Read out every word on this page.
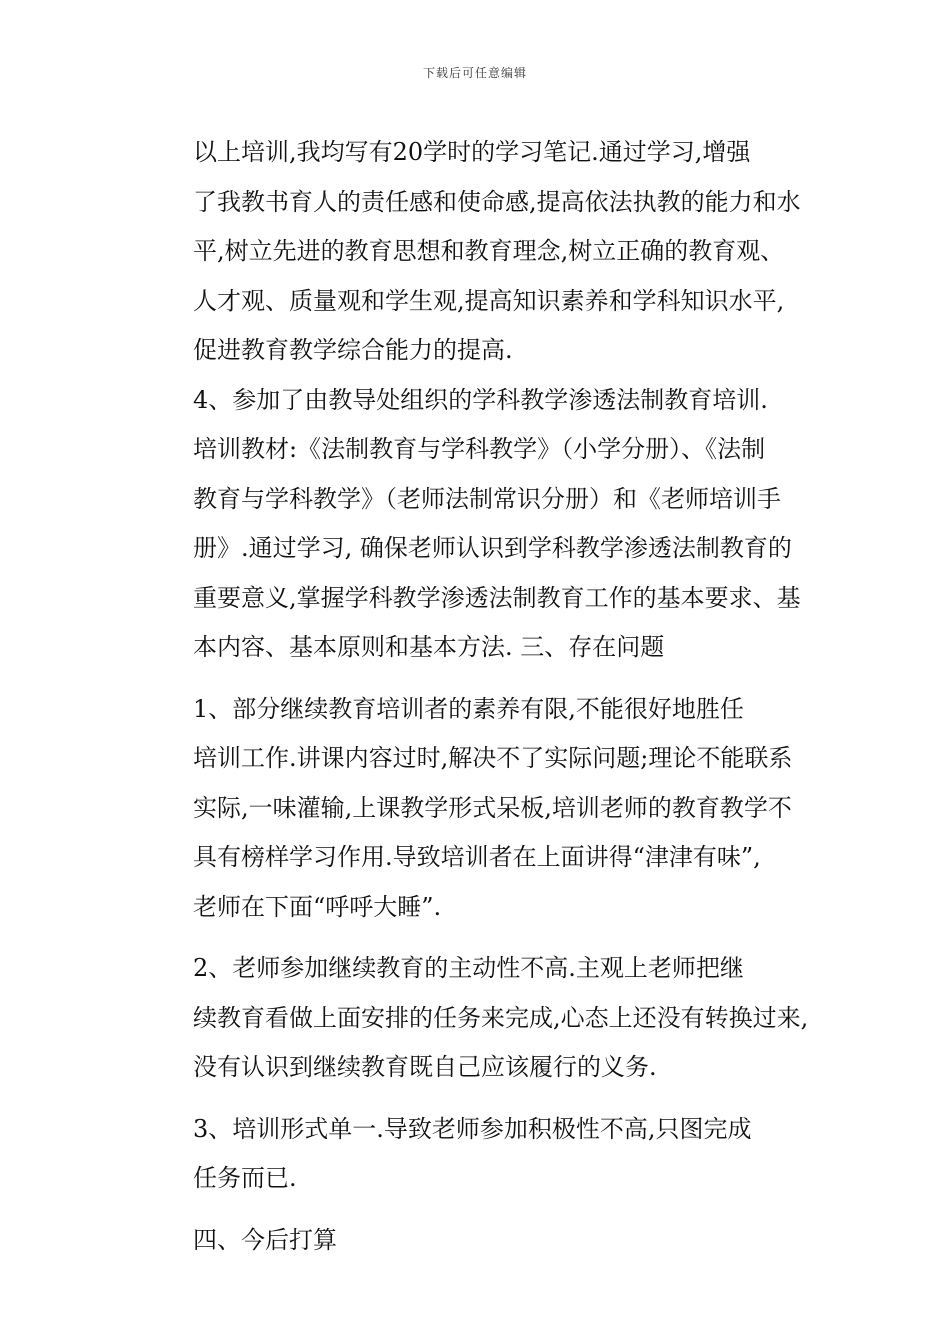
下载后可任意编辑

以上培训,我均写有20学时的学习笔记.通过学习,增强
了我教书育人的责任感和使命感,提高依法执教的能力和水
平,树立先进的教育思想和教育理念,树立正确的教育观、
人才观、质量观和学生观,提高知识素养和学科知识水平,
促进教育教学综合能力的提高.

4、参加了由教导处组织的学科教学渗透法制教育培训.
培训教材:《法制教育与学科教学》（小学分册）、《法制
教育与学科教学》（老师法制常识分册）和《老师培训手
册》.通过学习, 确保老师认识到学科教学渗透法制教育的
重要意义,掌握学科教学渗透法制教育工作的基本要求、基
本内容、基本原则和基本方法. 三、存在问题

1、部分继续教育培训者的素养有限,不能很好地胜任
培训工作.讲课内容过时,解决不了实际问题;理论不能联系
实际,一味灌输,上课教学形式呆板,培训老师的教育教学不
具有榜样学习作用.导致培训者在上面讲得“津津有味”,
老师在下面“呼呼大睡”.

2、老师参加继续教育的主动性不高.主观上老师把继
续教育看做上面安排的任务来完成,心态上还没有转换过来,
没有认识到继续教育既自己应该履行的义务.

3、培训形式单一.导致老师参加积极性不高,只图完成
任务而已.

四、今后打算
